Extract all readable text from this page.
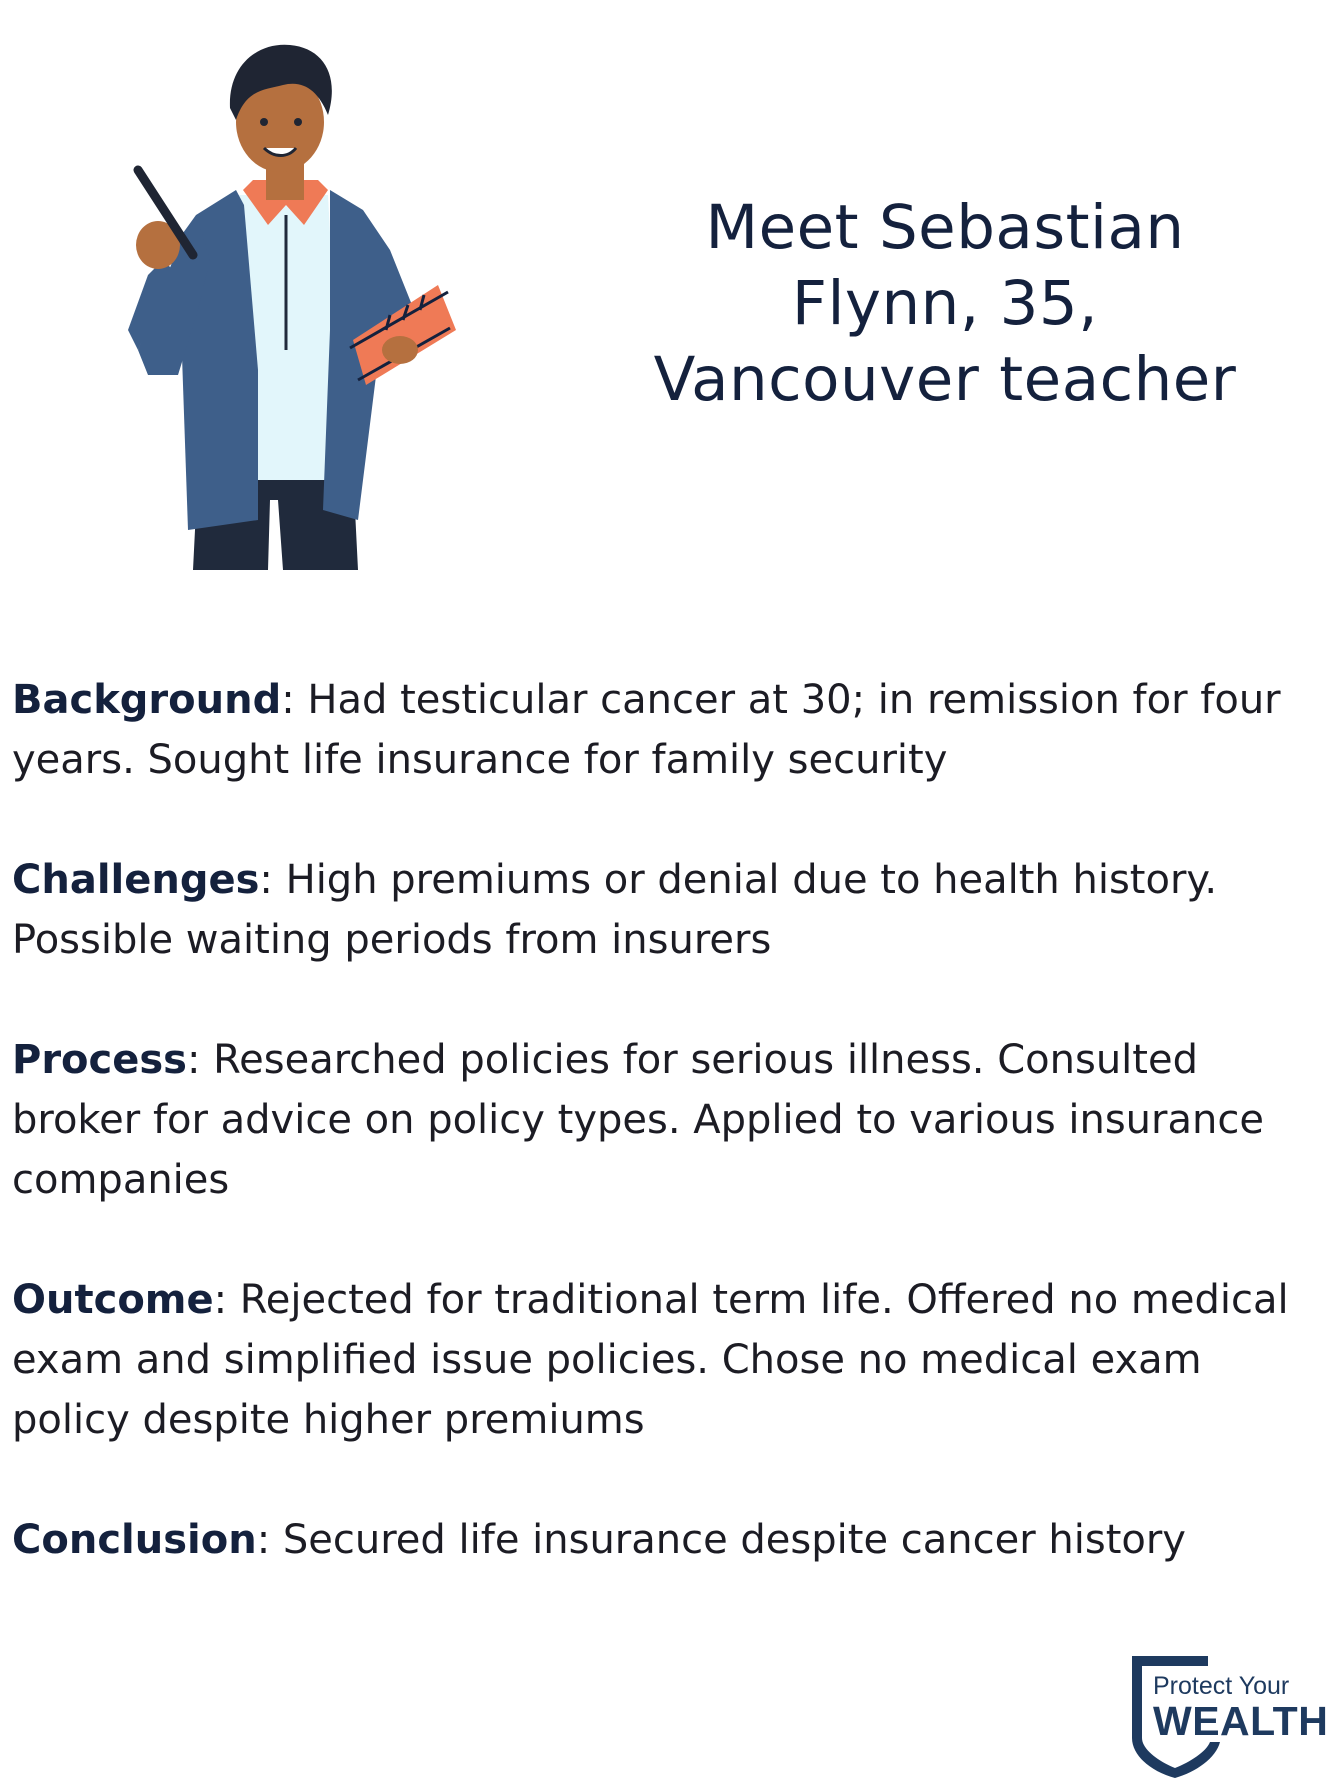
Meet Sebastian
Flynn, 35,
Vancouver teacher

Background: Had testicular cancer at 30; in remission for four years. Sought life insurance for family security

Challenges: High premiums or denial due to health history. Possible waiting periods from insurers

Process: Researched policies for serious illness. Consulted broker for advice on policy types. Applied to various insurance companies

Outcome: Rejected for traditional term life. Offered no medical exam and simplified issue policies. Chose no medical exam policy despite higher premiums

Conclusion: Secured life insurance despite cancer history

Protect Your
WEALTH
